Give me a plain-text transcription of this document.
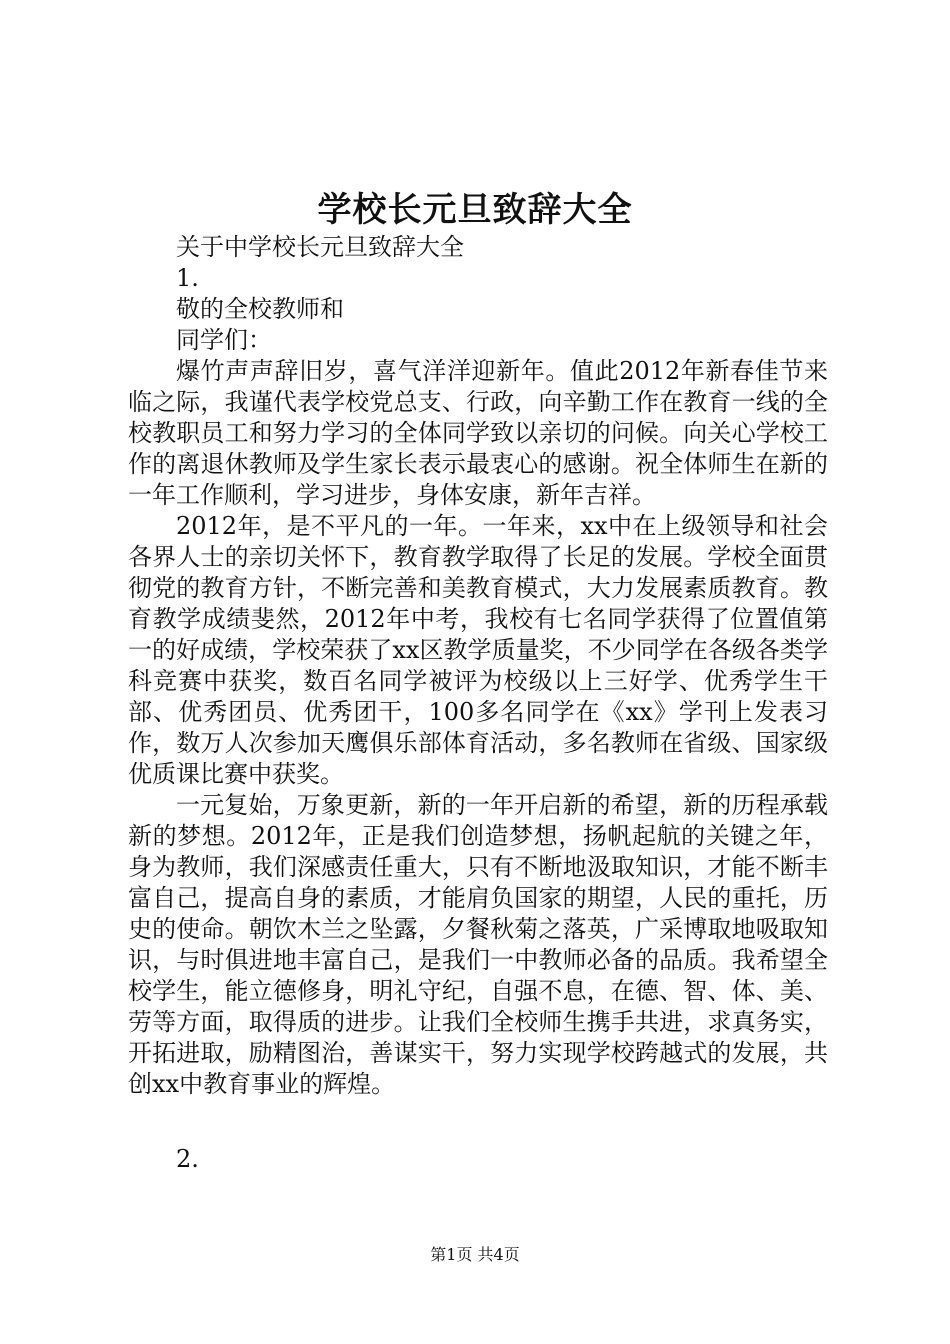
学校长元旦致辞大全

关于中学校长元旦致辞大全

1.

敬的全校教师和

同学们：

爆竹声声辞旧岁，喜气洋洋迎新年。值此2012年新春佳节来临之际，我谨代表学校党总支、行政，向辛勤工作在教育一线的全校教职员工和努力学习的全体同学致以亲切的问候。向关心学校工作的离退休教师及学生家长表示最衷心的感谢。祝全体师生在新的一年工作顺利，学习进步，身体安康，新年吉祥。

2012年，是不平凡的一年。一年来，xx中在上级领导和社会各界人士的亲切关怀下，教育教学取得了长足的发展。学校全面贯彻党的教育方针，不断完善和美教育模式，大力发展素质教育。教育教学成绩斐然，2012年中考，我校有七名同学获得了位置值第一的好成绩，学校荣获了xx区教学质量奖，不少同学在各级各类学科竞赛中获奖，数百名同学被评为校级以上三好学、优秀学生干部、优秀团员、优秀团干，100多名同学在《xx》学刊上发表习作，数万人次参加天鹰俱乐部体育活动，多名教师在省级、国家级优质课比赛中获奖。

一元复始，万象更新，新的一年开启新的希望，新的历程承载新的梦想。2012年，正是我们创造梦想，扬帆起航的关键之年，身为教师，我们深感责任重大，只有不断地汲取知识，才能不断丰富自己，提高自身的素质，才能肩负国家的期望，人民的重托，历史的使命。朝饮木兰之坠露，夕餐秋菊之落英，广采博取地吸取知识，与时俱进地丰富自己，是我们一中教师必备的品质。我希望全校学生，能立德修身，明礼守纪，自强不息，在德、智、体、美、劳等方面，取得质的进步。让我们全校师生携手共进，求真务实，开拓进取，励精图治，善谋实干，努力实现学校跨越式的发展，共创xx中教育事业的辉煌。

2.

第1页 共4页
